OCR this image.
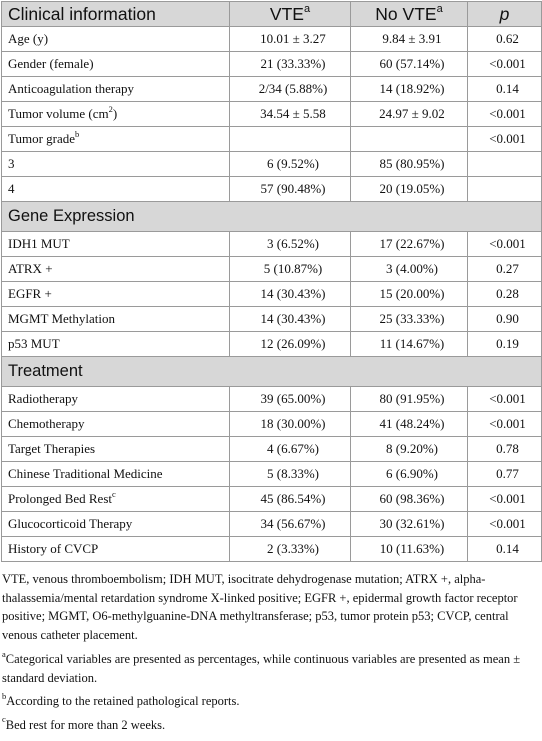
Clinical information	VTE$^a$	No VTE$^a$	p
Age (y)	10.01 ± 3.27	9.84 ± 3.91	0.62
Gender (female)	21 (33.33%)	60 (57.14%)	<0.001
Anticoagulation therapy	2/34 (5.88%)	14 (18.92%)	0.14
Tumor volume $(cm^2)$	34.54 ± 5.58	24.97 ± 9.02	<0.001
Tumor grade$^b$			<0.001
3	6 (9.52%)	85 (80.95%)	
4	57 (90.48%)	20 (19.05%)	
Gene Expression			
IDH1 MUT	3 (6.52%)	17 (22.67%)	<0.001
ATRX +	5 (10.87%)	3 (4.00%)	0.27
EGFR +	14 (30.43%)	15 (20.00%)	0.28
MGMT Methylation	14 (30.43%)	25 (33.33%)	0.90
p53 MUT	12 (26.09%)	11 (14.67%)	0.19
Treatment			
Radiotherapy	39 (65.00%)	80 (91.95%)	<0.001
Chemotherapy	18 (30.00%)	41 (48.24%)	<0.001
Target Therapies	4 (6.67%)	8 (9.20%)	0.78
Chinese Traditional Medicine	5 (8.33%)	6 (6.90%)	0.77
Prolonged Bed Rest$^c$	45 (86.54%)	60 (98.36%)	<0.001
Glucocorticoid Therapy	34 (56.67%)	30 (32.61%)	<0.001
History of CVCP	2 (3.33%)	10 (11.63%)	0.14

VTE, venous thromboembolism; IDH MUT, isocitrate dehydrogenase mutation; ATRX +, alpha-thalassemia/mental retardation syndrome X-linked positive; EGFR +, epidermal growth factor receptor positive; MGMT, O6-methylguanine-DNA methyltransferase; p53, tumor protein p53; CVCP, central venous catheter placement.

$^a$Categorical variables are presented as percentages, while continuous variables are presented as mean ± standard deviation.

$^b$According to the retained pathological reports.

$^c$Bed rest for more than 2 weeks.
